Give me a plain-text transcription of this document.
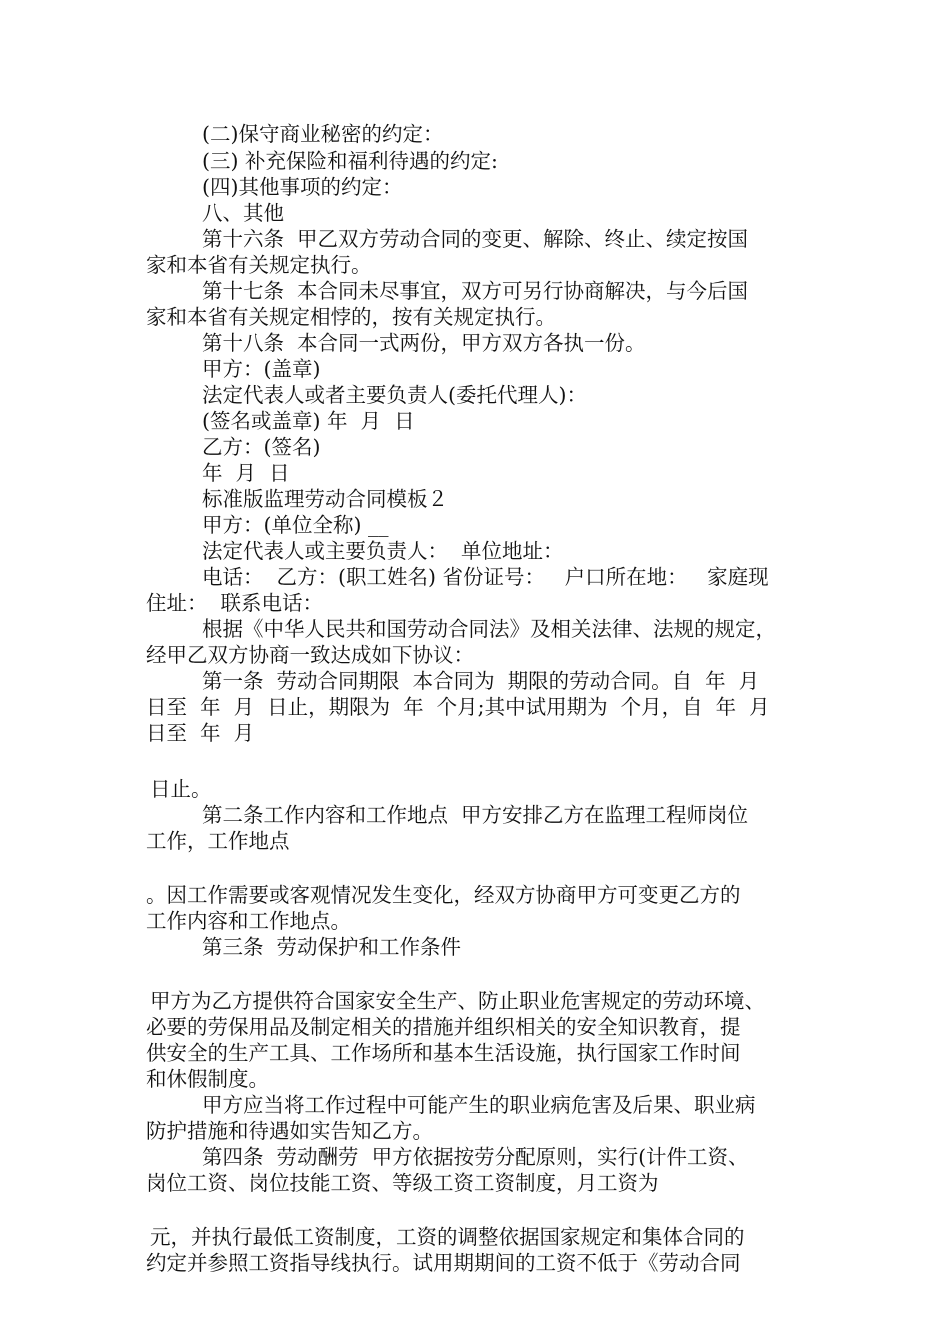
(二)保守商业秘密的约定：
(三) 补充保险和福利待遇的约定:
(四)其他事项的约定：
八、其他
第十六条  甲乙双方劳动合同的变更、解除、终止、续定按国
家和本省有关规定执行。
第十七条  本合同未尽事宜，双方可另行协商解决，与今后国
家和本省有关规定相悖的，按有关规定执行。
第十八条  本合同一式两份，甲方双方各执一份。
甲方：(盖章)
法定代表人或者主要负责人(委托代理人)：
(签名或盖章) 年  月  日
乙方：(签名)
年  月  日
标准版监理劳动合同模板２
甲方：(单位全称) __
法定代表人或主要负责人：  单位地址：
电话：  乙方：(职工姓名) 省份证号：   户口所在地：   家庭现
住址：  联系电话：
根据《中华人民共和国劳动合同法》及相关法律、法规的规定，
经甲乙双方协商一致达成如下协议：
第一条  劳动合同期限  本合同为  期限的劳动合同。自  年  月
日至  年  月  日止，期限为  年  个月;其中试用期为  个月，自  年  月
日至  年  月
日止。
第二条工作内容和工作地点  甲方安排乙方在监理工程师岗位
工作，工作地点
。因工作需要或客观情况发生变化，经双方协商甲方可变更乙方的
工作内容和工作地点。
第三条  劳动保护和工作条件
甲方为乙方提供符合国家安全生产、防止职业危害规定的劳动环境、
必要的劳保用品及制定相关的措施并组织相关的安全知识教育，提
供安全的生产工具、工作场所和基本生活设施，执行国家工作时间
和休假制度。
甲方应当将工作过程中可能产生的职业病危害及后果、职业病
防护措施和待遇如实告知乙方。
第四条  劳动酬劳  甲方依据按劳分配原则，实行(计件工资、
岗位工资、岗位技能工资、等级工资工资制度，月工资为
元，并执行最低工资制度，工资的调整依据国家规定和集体合同的
约定并参照工资指导线执行。试用期期间的工资不低于《劳动合同
